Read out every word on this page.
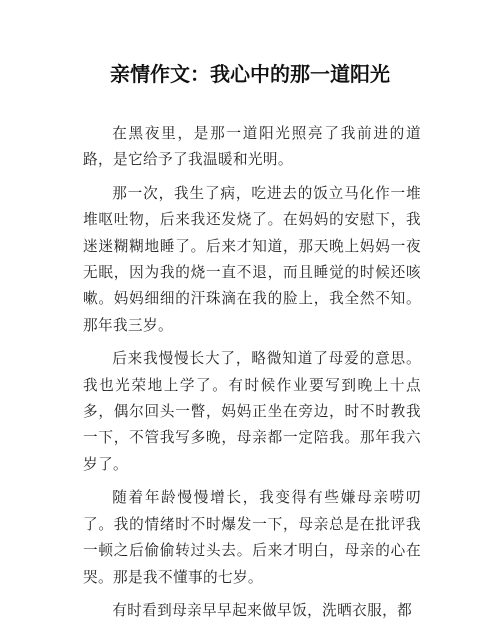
亲情作文：我心中的那一道阳光

在黑夜里，是那一道阳光照亮了我前进的道路，是它给予了我温暖和光明。

那一次，我生了病，吃进去的饭立马化作一堆堆呕吐物，后来我还发烧了。在妈妈的安慰下，我迷迷糊糊地睡了。后来才知道，那天晚上妈妈一夜无眠，因为我的烧一直不退，而且睡觉的时候还咳嗽。妈妈细细的汗珠滴在我的脸上，我全然不知。那年我三岁。

后来我慢慢长大了，略微知道了母爱的意思。我也光荣地上学了。有时候作业要写到晚上十点多，偶尔回头一瞥，妈妈正坐在旁边，时不时教我一下，不管我写多晚，母亲都一定陪我。那年我六岁了。

随着年龄慢慢增长，我变得有些嫌母亲唠叨了。我的情绪时不时爆发一下，母亲总是在批评我一顿之后偷偷转过头去。后来才明白，母亲的心在哭。那是我不懂事的七岁。

有时看到母亲早早起来做早饭，洗晒衣服，都
